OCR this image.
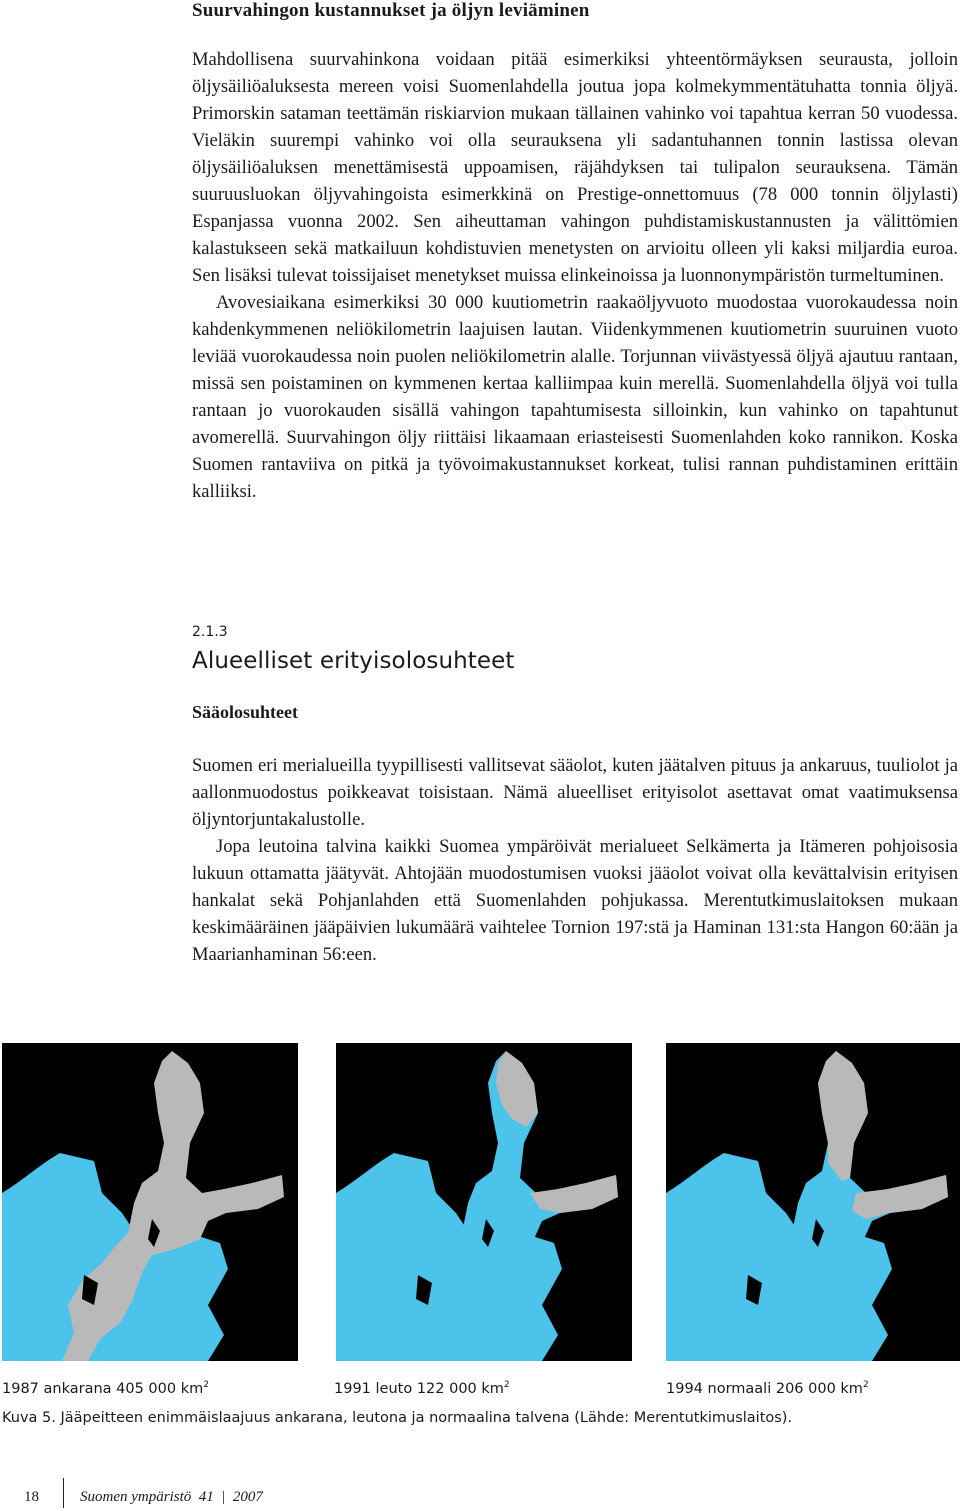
Suurvahingon kustannukset ja öljyn leviäminen

Mahdollisena suurvahinkona voidaan pitää esimerkiksi yhteentörmäyksen seurausta, jolloin öljysäiliöaluksesta mereen voisi Suomenlahdella joutua jopa kolmekymmentätuhatta tonnia öljyä. Primorskin sataman teettämän riskiarvion mukaan tällainen vahinko voi tapahtua kerran 50 vuodessa. Vieläkin suurempi vahinko voi olla seurauksena yli sadantuhannen tonnin lastissa olevan öljysäiliöaluksen menettämisestä uppoamisen, räjähdyksen tai tulipalon seurauksena. Tämän suuruusluokan öljyvahingoista esimerkkinä on Prestige-onnettomuus (78 000 tonnin öljylasti) Espanjassa vuonna 2002. Sen aiheuttaman vahingon puhdistamiskustannusten ja välittömien kalastukseen sekä matkailuun kohdistuvien menetysten on arvioitu olleen yli kaksi miljardia euroa. Sen lisäksi tulevat toissijaiset menetykset muissa elinkeinoissa ja luonnonympäristön turmeltuminen.

Avovesiaikana esimerkiksi 30 000 kuutiometrin raakaöljyvuoto muodostaa vuorokaudessa noin kahdenkymmenen neliökilometrin laajuisen lautan. Viidenkymmenen kuutiometrin suuruinen vuoto leviää vuorokaudessa noin puolen neliökilometrin alalle. Torjunnan viivästyessä öljyä ajautuu rantaan, missä sen poistaminen on kymmenen kertaa kalliimpaa kuin merellä. Suomenlahdella öljyä voi tulla rantaan jo vuorokauden sisällä vahingon tapahtumisesta silloinkin, kun vahinko on tapahtunut avomerellä. Suurvahingon öljy riittäisi likaamaan eriasteisesti Suomenlahden koko rannikon. Koska Suomen rantaviiva on pitkä ja työvoimakustannukset korkeat, tulisi rannan puhdistaminen erittäin kalliiksi.

2.1.3
Alueelliset erityisolosuhteet
Sääolosuhteet

Suomen eri merialueilla tyypillisesti vallitsevat sääolot, kuten jäätalven pituus ja ankaruus, tuuliolot ja aallonmuodostus poikkeavat toisistaan. Nämä alueelliset erityisolot asettavat omat vaatimuksensa öljyntorjuntakalustolle.

Jopa leutoina talvina kaikki Suomea ympäröivät merialueet Selkämerta ja Itämeren pohjoisosia lukuun ottamatta jäätyvät. Ahtojään muodostumisen vuoksi jääolot voivat olla kevättalvisin erityisen hankalat sekä Pohjanlahden että Suomenlahden pohjukassa. Merentutkimuslaitoksen mukaan keskimääräinen jääpäivien lukumäärä vaihtelee Tornion 197:stä ja Haminan 131:sta Hangon 60:ään ja Maarianhaminan 56:een.

1987 ankarana 405 000 $km^2$	1991 leuto 122 000 $km^2$	1994 normaali 206 000 $km^2$

Kuva 5. Jääpeitteen enimmäislaajuus ankarana, leutona ja normaalina talvena (Lähde: Merentutkimuslaitos).

18	Suomen ympäristö  41  |  2007
